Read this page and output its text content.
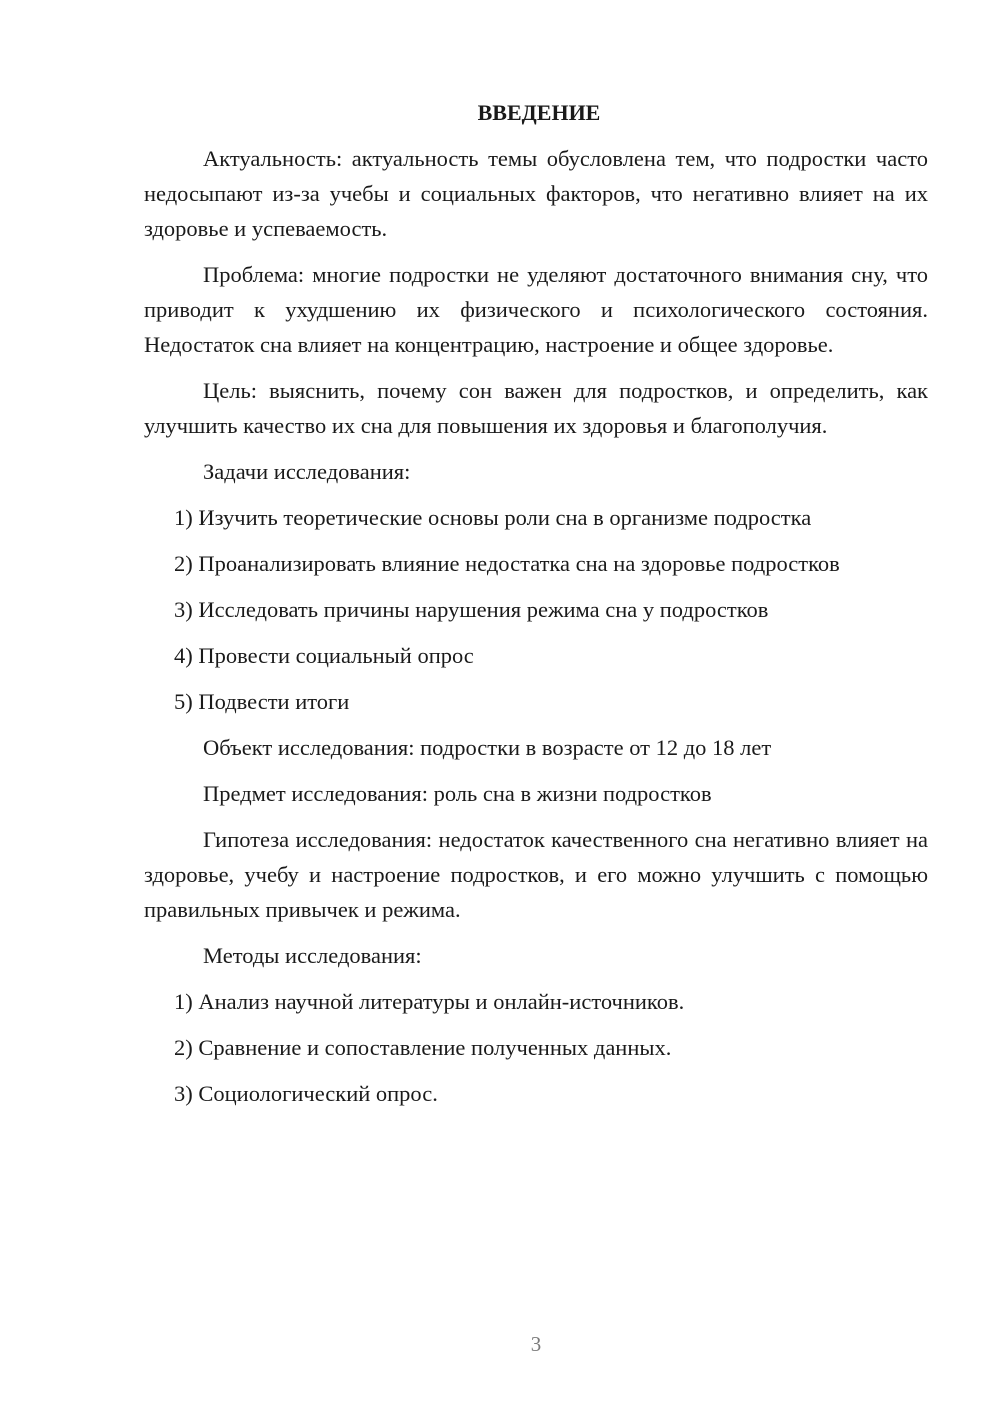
ВВЕДЕНИЕ

Актуальность: актуальность темы обусловлена тем, что подростки часто недосыпают из-за учебы и социальных факторов, что негативно влияет на их здоровье и успеваемость.

Проблема: многие подростки не уделяют достаточного внимания сну, что приводит к ухудшению их физического и психологического состояния. Недостаток сна влияет на концентрацию, настроение и общее здоровье.

Цель: выяснить, почему сон важен для подростков, и определить, как улучшить качество их сна для повышения их здоровья и благополучия.

Задачи исследования:

1) Изучить теоретические основы роли сна в организме подростка
2) Проанализировать влияние недостатка сна на здоровье подростков
3) Исследовать причины нарушения режима сна у подростков
4) Провести социальный опрос
5) Подвести итоги

Объект исследования: подростки в возрасте от 12 до 18 лет

Предмет исследования: роль сна в жизни подростков

Гипотеза исследования: недостаток качественного сна негативно влияет на здоровье, учебу и настроение подростков, и его можно улучшить с помощью правильных привычек и режима.

Методы исследования:

1) Анализ научной литературы и онлайн-источников.
2) Сравнение и сопоставление полученных данных.
3) Социологический опрос.
3
